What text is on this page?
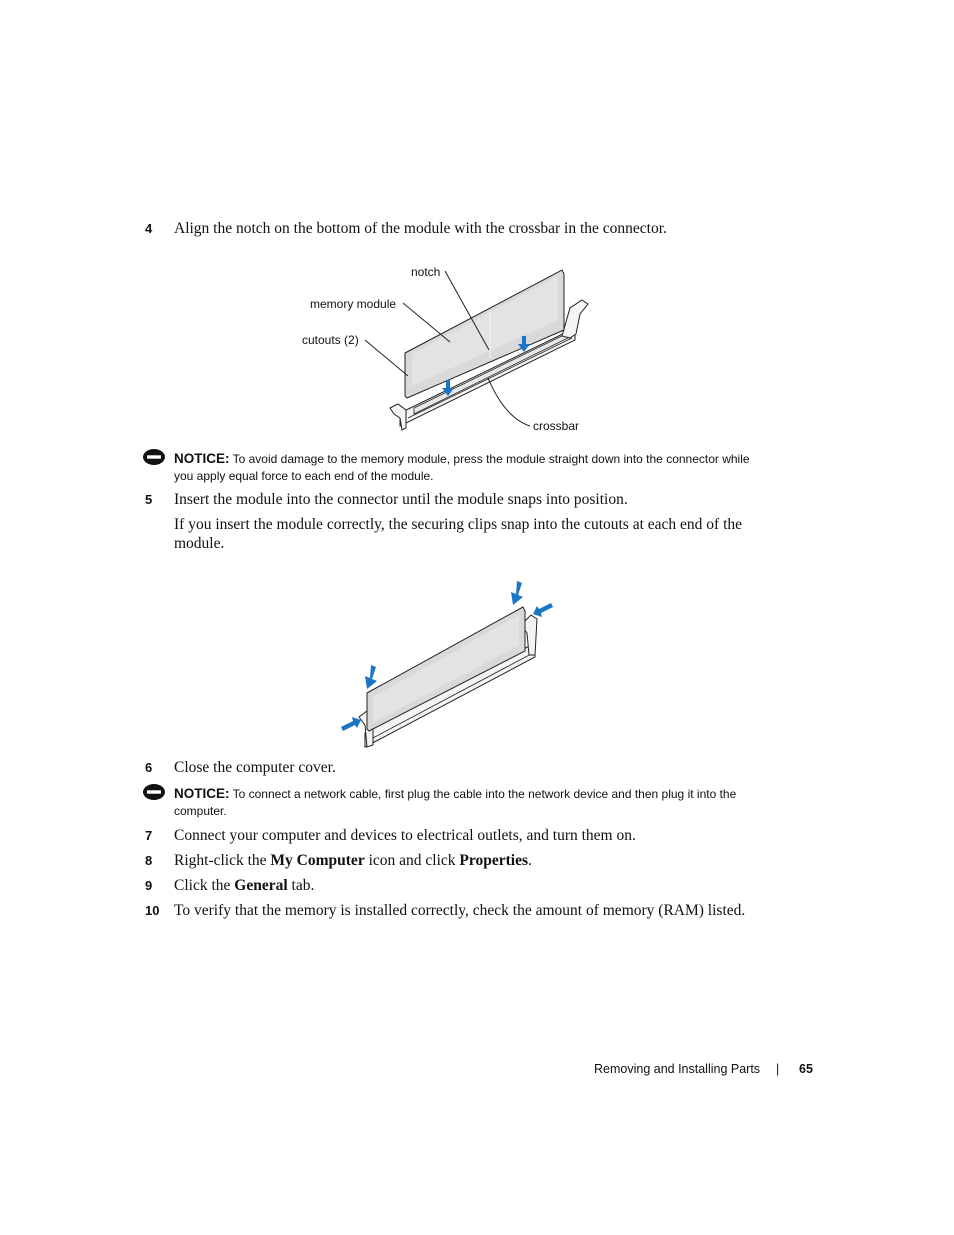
4	Align the notch on the bottom of the module with the crossbar in the connector.
notch
memory module
cutouts (2)
crossbar
NOTICE: To avoid damage to the memory module, press the module straight down into the connector while you apply equal force to each end of the module.
5	Insert the module into the connector until the module snaps into position.
If you insert the module correctly, the securing clips snap into the cutouts at each end of the module.
6	Close the computer cover.
NOTICE: To connect a network cable, first plug the cable into the network device and then plug it into the computer.
7	Connect your computer and devices to electrical outlets, and turn them on.
8	Right-click the My Computer icon and click Properties.
9	Click the General tab.
10 To verify that the memory is installed correctly, check the amount of memory (RAM) listed.
Removing and Installing Parts | 65
